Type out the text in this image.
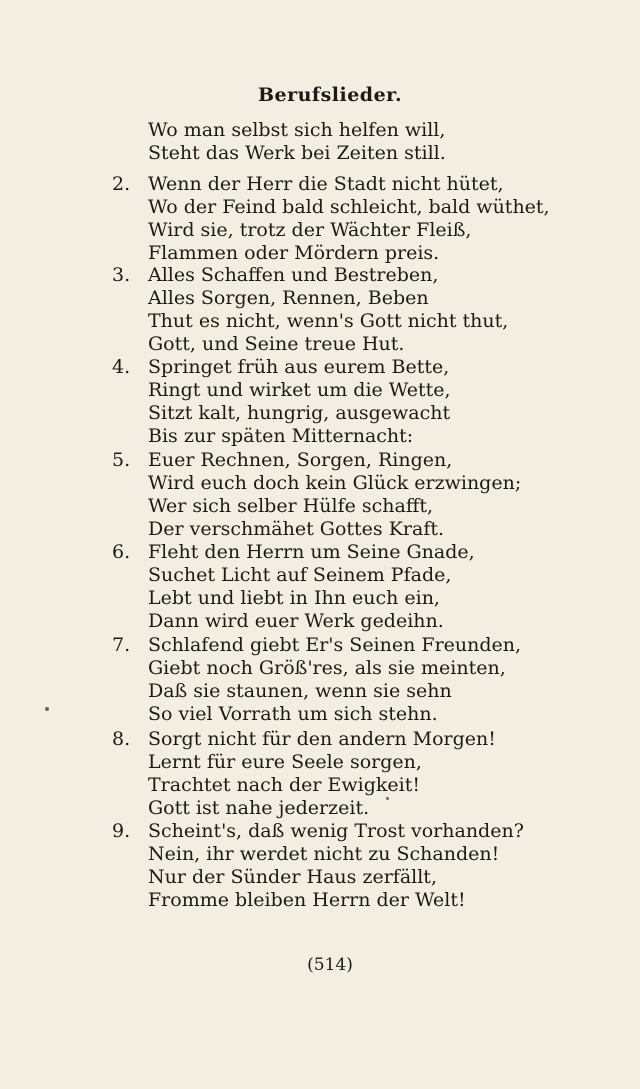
Berufslieder.
Wo man selbst sich helfen will,
Steht das Werk bei Zeiten still.
2. Wenn der Herr die Stadt nicht hütet,
Wo der Feind bald schleicht, bald wüthet,
Wird sie, trotz der Wächter Fleiß,
Flammen oder Mördern preis.
3. Alles Schaffen und Bestreben,
Alles Sorgen, Rennen, Beben
Thut es nicht, wenn's Gott nicht thut,
Gott, und Seine treue Hut.
4. Springet früh aus eurem Bette,
Ringt und wirket um die Wette,
Sitzt kalt, hungrig, ausgewacht
Bis zur späten Mitternacht:
5. Euer Rechnen, Sorgen, Ringen,
Wird euch doch kein Glück erzwingen;
Wer sich selber Hülfe schafft,
Der verschmähet Gottes Kraft.
6. Fleht den Herrn um Seine Gnade,
Suchet Licht auf Seinem Pfade,
Lebt und liebt in Ihn euch ein,
Dann wird euer Werk gedeihn.
7. Schlafend giebt Er's Seinen Freunden,
Giebt noch Größ'res, als sie meinten,
Daß sie staunen, wenn sie sehn
So viel Vorrath um sich stehn.
8. Sorgt nicht für den andern Morgen!
Lernt für eure Seele sorgen,
Trachtet nach der Ewigkeit!
Gott ist nahe jederzeit.
9. Scheint's, daß wenig Trost vorhanden?
Nein, ihr werdet nicht zu Schanden!
Nur der Sünder Haus zerfällt,
Fromme bleiben Herrn der Welt!
(514)
